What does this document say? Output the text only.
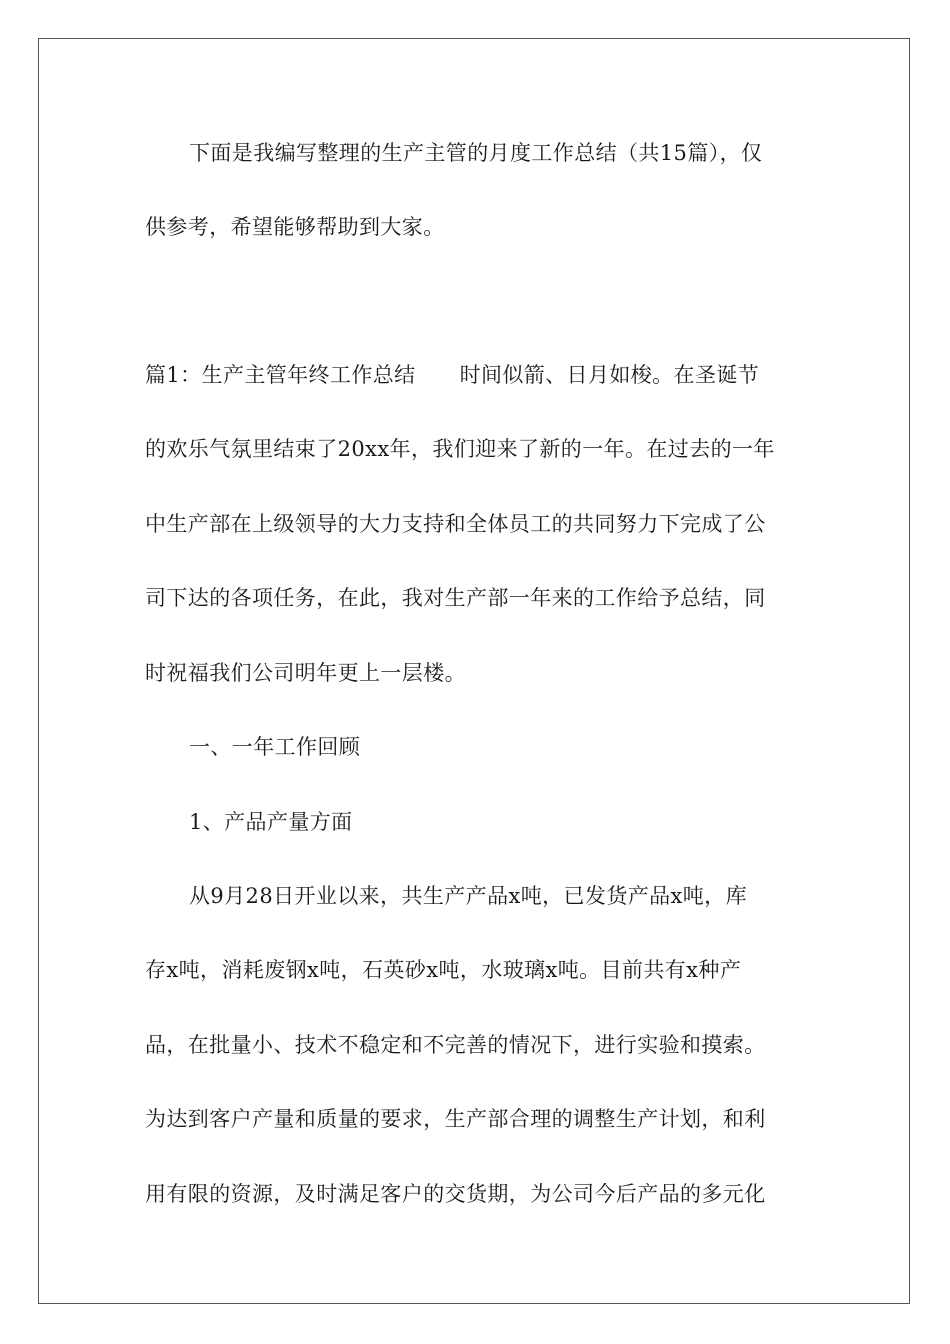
下面是我编写整理的生产主管的月度工作总结（共15篇），仅
供参考，希望能够帮助到大家。
篇1：生产主管年终工作总结 时间似箭、日月如梭。在圣诞节
的欢乐气氛里结束了20xx年，我们迎来了新的一年。在过去的一年
中生产部在上级领导的大力支持和全体员工的共同努力下完成了公
司下达的各项任务，在此，我对生产部一年来的工作给予总结，同
时祝福我们公司明年更上一层楼。
一、一年工作回顾
1、产品产量方面
从9月28日开业以来，共生产产品x吨，已发货产品x吨，库
存x吨，消耗废钢x吨，石英砂x吨，水玻璃x吨。目前共有x种产
品，在批量小、技术不稳定和不完善的情况下，进行实验和摸索。
为达到客户产量和质量的要求，生产部合理的调整生产计划，和利
用有限的资源，及时满足客户的交货期，为公司今后产品的多元化
